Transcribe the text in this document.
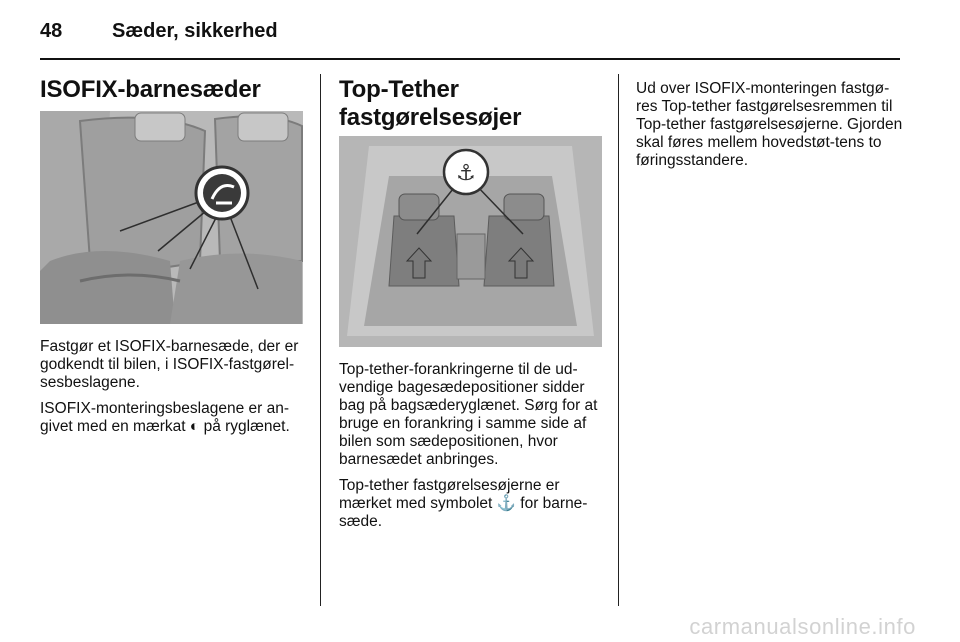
48 Sæder, sikkerhed
ISOFIX-barnesæder

Fastgør et ISOFIX-barnesæde, der er godkendt til bilen, i ISOFIX-fastgørel-sesbeslagene.

ISOFIX-monteringsbeslagene er an-givet med en mærkat ◐ på ryglænet.

Top-Tether
fastgørelsesøjer
⚓

Top-tether-forankringerne til de ud-vendige bagesædepositioner sidder bag på bagsæderyglænet. Sørg for at bruge en forankring i samme side af bilen som sædepositionen, hvor barnesædet anbringes.

Top-tether fastgørelsesøjerne er mærket med symbolet ⚓ for barne-sæde.

Ud over ISOFIX-monteringen fastgø-res Top-tether fastgørelsesremmen til Top-tether fastgørelsesøjerne. Gjorden skal føres mellem hovedstøt-tens to føringsstandere.

carmanualsonline.info
